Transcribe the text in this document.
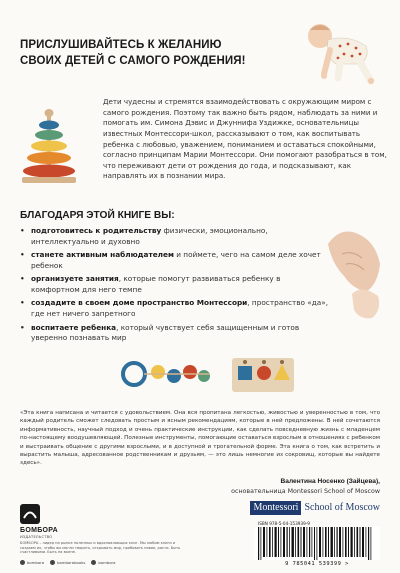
ПРИСЛУШИВАЙТЕСЬ К ЖЕЛАНИЮ
СВОИХ ДЕТЕЙ С САМОГО РОЖДЕНИЯ!
Дети чудесны и стремятся взаимодействовать с окружающим миром с самого рождения. Поэтому так важно быть рядом, наблюдать за ними и помогать им. Симона Дэвис и Джуннифа Уздижке, основательницы известных Монтессори-школ, рассказывают о том, как воспитывать ребенка с любовью, уважением, пониманием и оставаться спокойными, согласно принципам Марии Монтессори. Они помогают разобраться в том, что переживают дети от рождения до года, и подсказывают, как направлять их в познании мира.
БЛАГОДАРЯ ЭТОЙ КНИГЕ ВЫ:
• подготовитесь к родительству физически, эмоционально, интеллектуально и духовно
• станете активным наблюдателем и поймете, чего на самом деле хочет ребенок
• организуете занятия, которые помогут развиваться ребенку в комфортном для него темпе
• создадите в своем доме пространство Монтессори, пространство «да», где нет ничего запретного
• воспитаете ребенка, который чувствует себя защищенным и готов уверенно познавать мир
«Эта книга написана и читается с удовольствием. Она вся пропитана легкостью, живостью и уверенностью в том, что каждый родитель сможет следовать простым и ясным рекомендациям, которые в ней предложены. В ней сочетаются информативность, научный подход и очень практические инструкции, как сделать повседневную жизнь с младенцем по-настоящему воодушевляющей. Полезные инструменты, помогающие оставаться взрослым в отношениях с ребенком и выстраивать общение с другими взрослыми, и в доступной и трогательной форме. Эта книга о том, как встретить и вырастить малыша, адресованное родственникам и друзьям, — это лишь немногие из сокровищ, которые вы найдете здесь».
Валентина Носенко (Зайцева),
основательница Montessori School of Moscow
Montessori School of Moscow
БОМБОРА
ИЗДАТЕЛЬСТВО
БОМБОРА – лидер на рынке полезных и вдохновляющих книг. Мы любим книги и создаем их, чтобы вы могли творить, открывать мир, пробовать новое, расти. Быть счастливыми. Быть на волне.
bombora	bomborabooks	bombora
ISBN 978-5-04-153939-9
9 785041 539399 >
